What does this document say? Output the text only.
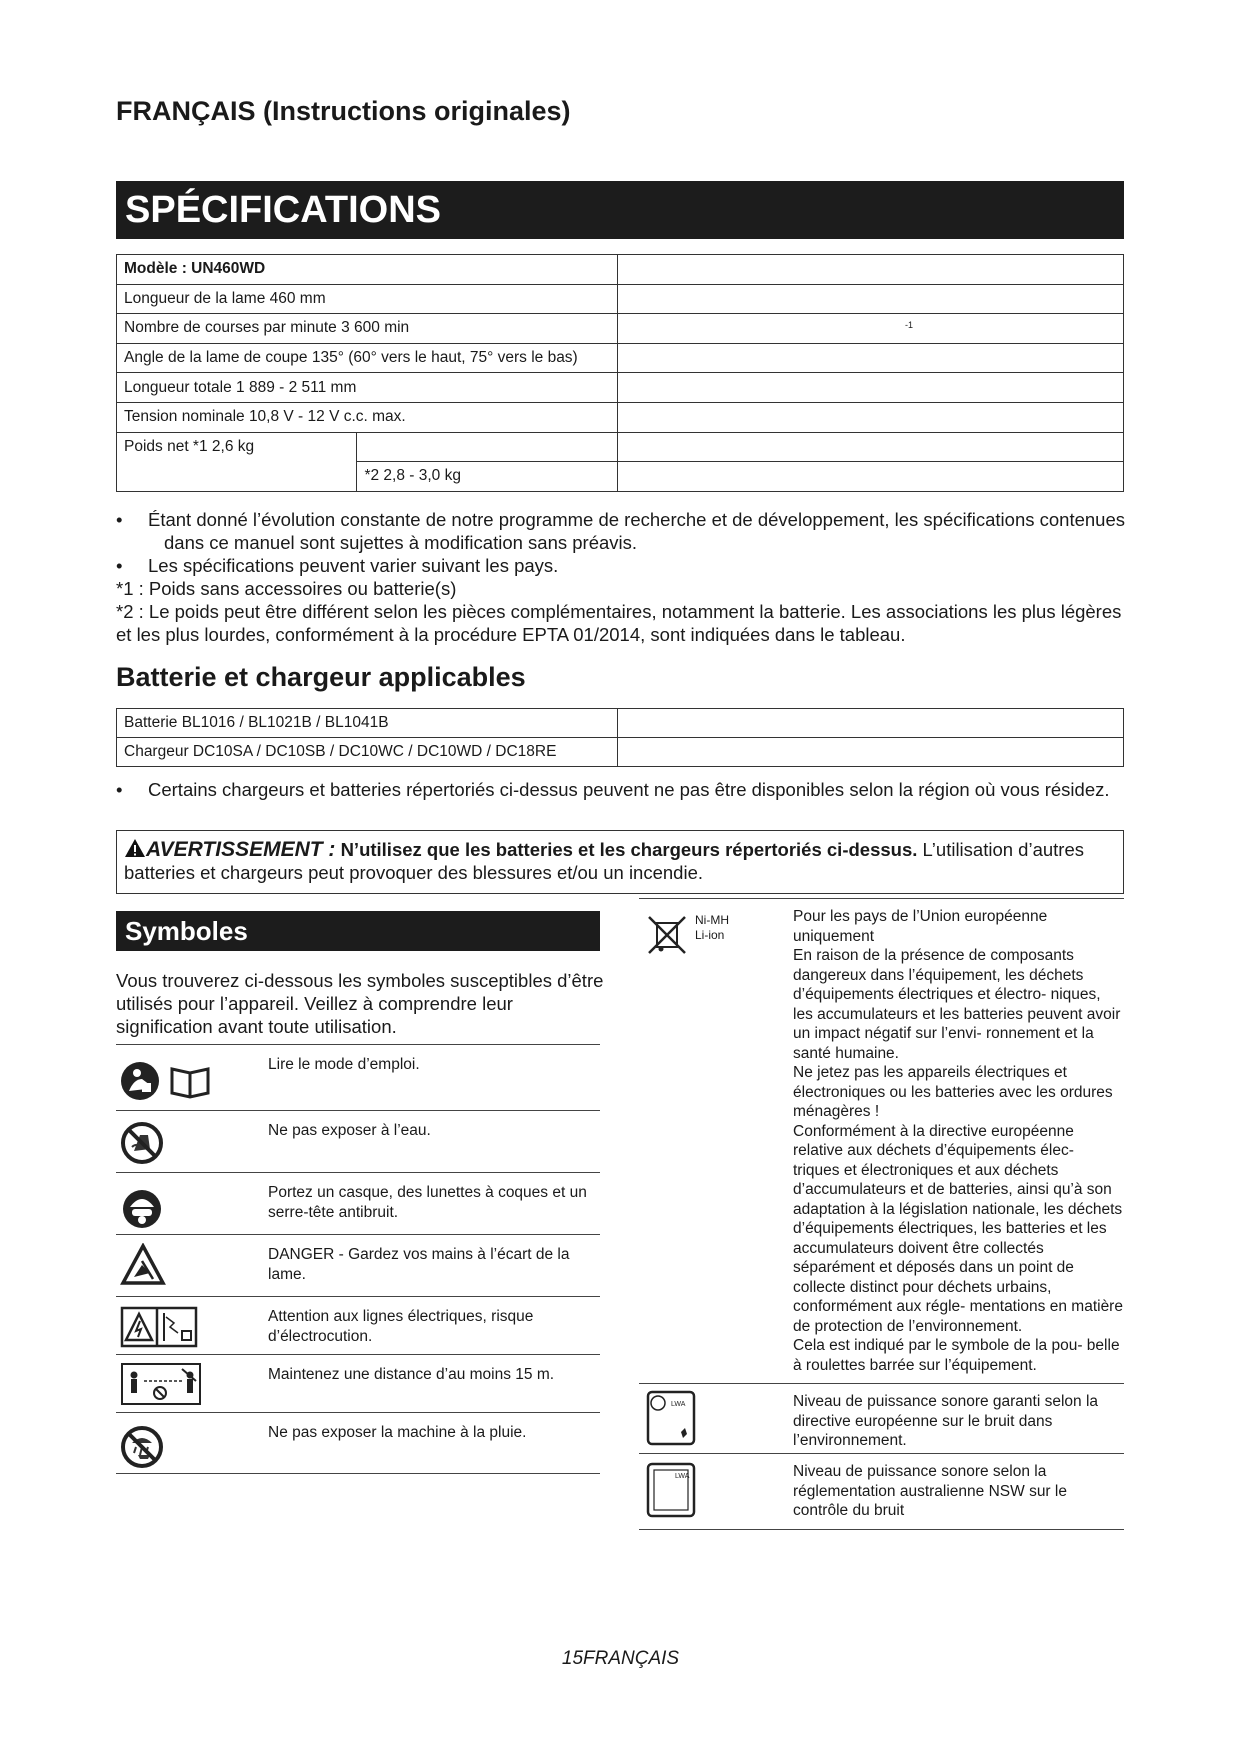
FRANÇAIS (Instructions originales)
SPÉCIFICATIONS
Modèle : UN460WD		
Longueur de la lame 460 mm		
Nombre de courses par minute 3 600 min		
Angle de la lame de coupe 135° (60° vers le haut, 75° vers le bas)		
Longueur totale 1 889 - 2 511 mm		
Tension nominale 10,8 V - 12 V c.c. max.		
Poids net *1 2,6 kg		
	*2 2,8 - 3,0 kg	
-1
•	Étant donné l’évolution constante de notre programme de recherche et de développement, les spécifications contenues dans ce manuel sont sujettes à modification sans préavis.
•	Les spécifications peuvent varier suivant les pays.

*1 : Poids sans accessoires ou batterie(s)

*2 : Le poids peut être différent selon les pièces complémentaires, notamment la batterie. Les associations les plus légères et les plus lourdes, conformément à la procédure EPTA 01/2014, sont indiquées dans le tableau.

Batterie et chargeur applicables
Batterie BL1016 / BL1021B / BL1041B	
Chargeur DC10SA / DC10SB / DC10WC / DC10WD / DC18RE	
•	Certains chargeurs et batteries répertoriés ci-dessus peuvent ne pas être disponibles selon la région où vous résidez.
AVERTISSEMENT : N’utilisez que les batteries et les chargeurs répertoriés ci-dessus. L’utilisation d’autres batteries et chargeurs peut provoquer des blessures et/ou un incendie.
Symboles
Vous trouverez ci-dessous les symboles susceptibles d’être utilisés pour l’appareil. Veillez à comprendre leur signification avant toute utilisation.
Lire le mode d’emploi.
Ne pas exposer à l’eau.
Portez un casque, des lunettes à coques et un serre-tête antibruit.
DANGER - Gardez vos mains à l’écart de la lame.
Attention aux lignes électriques, risque d’électrocution.
Maintenez une distance d’au moins 15 m.
Ne pas exposer la machine à la pluie.
Ni-MH
Li-ion
Pour les pays de l’Union européenne uniquement
En raison de la présence de composants dangereux dans l’équipement, les déchets d’équipements électriques et électro- niques, les accumulateurs et les batteries peuvent avoir un impact négatif sur l’envi- ronnement et la santé humaine.
Ne jetez pas les appareils électriques et électroniques ou les batteries avec les ordures ménagères !
Conformément à la directive européenne relative aux déchets d’équipements élec- triques et électroniques et aux déchets d’accumulateurs et de batteries, ainsi qu’à son adaptation à la législation nationale, les déchets d’équipements électriques, les batteries et les accumulateurs doivent être collectés séparément et déposés dans un point de collecte distinct pour déchets urbains, conformément aux régle- mentations en matière de protection de l’environnement.
Cela est indiqué par le symbole de la pou- belle à roulettes barrée sur l’équipement.
LWA	Niveau de puissance sonore garanti selon la directive européenne sur le bruit dans l’environnement.
LWA	Niveau de puissance sonore selon la réglementation australienne NSW sur le contrôle du bruit
15FRANÇAIS
